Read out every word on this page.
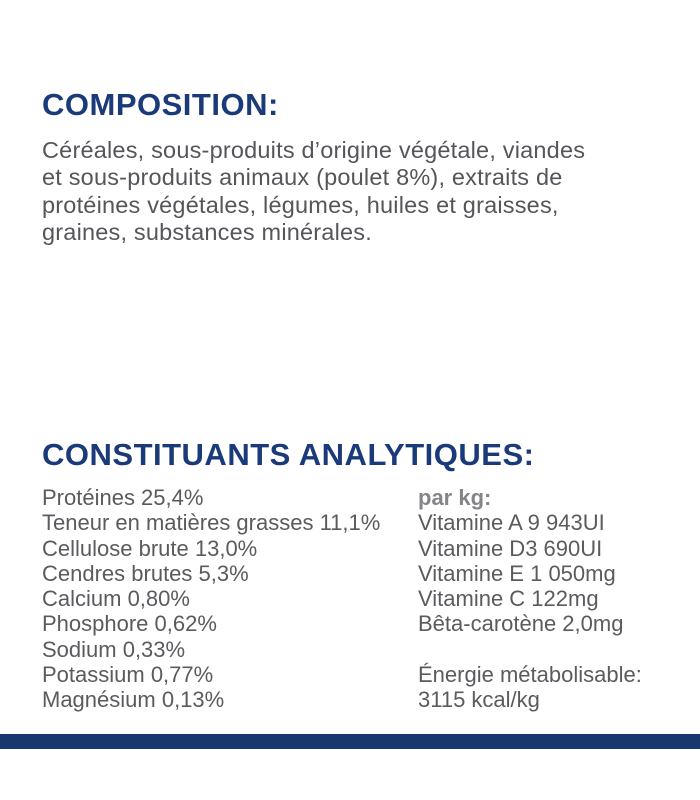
COMPOSITION:
Céréales, sous-produits d’origine végétale, viandes
et sous-produits animaux (poulet 8%), extraits de
protéines végétales, légumes, huiles et graisses,
graines, substances minérales.
CONSTITUANTS ANALYTIQUES:
Protéines 25,4%
Teneur en matières grasses 11,1%
Cellulose brute 13,0%
Cendres brutes 5,3%
Calcium 0,80%
Phosphore 0,62%
Sodium 0,33%
Potassium 0,77%
Magnésium 0,13%
par kg:
Vitamine A 9 943UI
Vitamine D3 690UI
Vitamine E 1 050mg
Vitamine C 122mg
Bêta-carotène 2,0mg
Énergie métabolisable:
3115 kcal/kg
